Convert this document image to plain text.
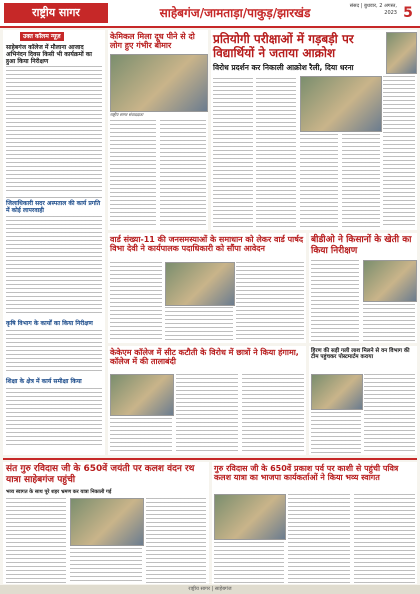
राष्ट्रीय सागर	साहेबगंज/जामताड़ा/पाकुड़/झारखंड	संसद | बुधवार, 2 अगस्त, 2023 5
उक्त कॉलम न्यूज़
साहेबगंज कॉलेज में मौलाना आजाद अभिनंदन दिवस किसी भी कार्यक्रमों का हुआ किया निरीक्षण
जिलाधिकारी सदर अस्पताल की कार्य प्रगति में कोई लापरवाही
कृषि विभाग के कार्यों का किया निरीक्षण
शिक्षा के क्षेत्र में कार्य समीक्षा किया
केमिकल मिला दूध पीने से दो लोग हुए गंभीर बीमार
राष्ट्रीय सागर संवाददाता
प्रतियोगी परीक्षाओं में गड़बड़ी पर विद्यार्थियों ने जताया आक्रोश
विरोध प्रदर्शन कर निकाली आक्रोश रैली, दिया धरना
वार्ड संख्या-11 की जनसमस्याओं के समाधान को लेकर वार्ड पार्षद विभा देवी ने कार्यपालक पदाधिकारी को सौंपा आवेदन
बीडीओ ने किसानों के खेती का किया निरीक्षण
केकेएम कॉलेज में सीट कटौती के विरोध में छात्रों ने किया हंगामा, कॉलेज में की तालाबंदी
हिरण की सड़ी गली लाश मिलने से वन विभाग की टीम पहुंचकर पोस्टमार्टम कराया
संत गुरु रविदास जी के 650वें जयंती पर कलश वंदन रथ यात्रा साहेबगंज पहुंची
भव्य स्वागत के साथ पूरे शहर भ्रमण कर यात्रा निकाली गई
गुरु रविदास जी के 650वें प्रकाश पर्व पर काशी से पहुंची पवित्र कलश यात्रा का भाजपा कार्यकर्ताओं ने किया भव्य स्वागत
राष्ट्रीय सागर | साहेबगंज
